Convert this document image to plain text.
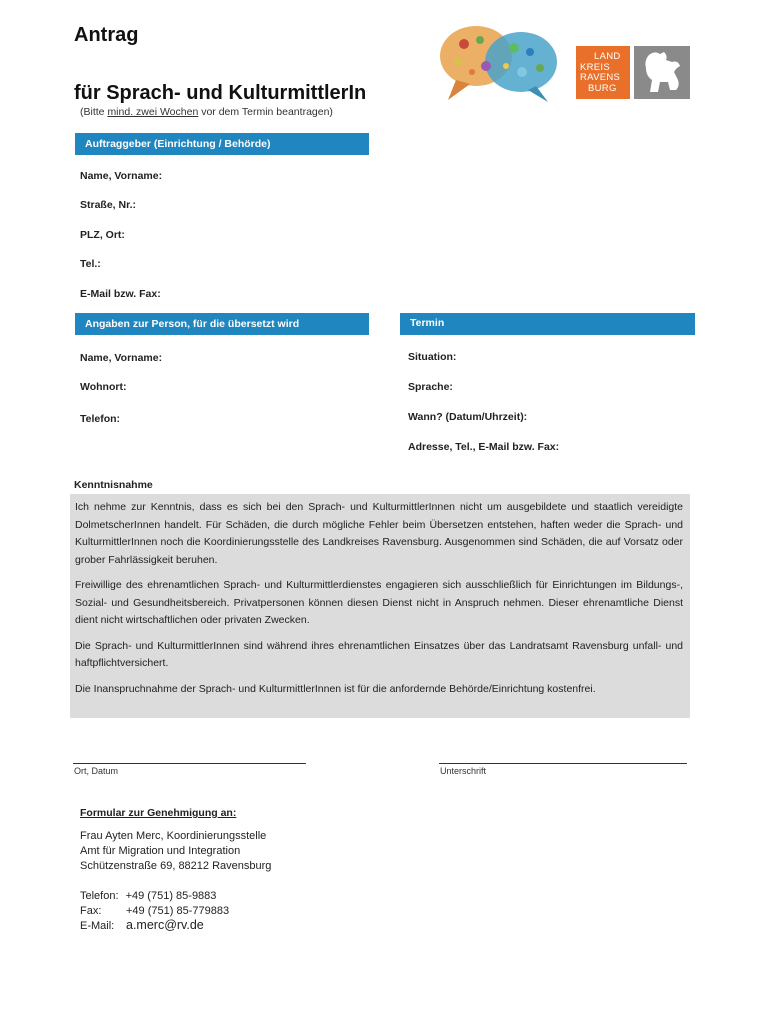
Antrag
für Sprach- und KulturmittlerIn
(Bitte mind. zwei Wochen vor dem Termin beantragen)
LAND
KREIS
RAVENS
BURG
Auftraggeber (Einrichtung / Behörde)
Name, Vorname:
Straße, Nr.:
PLZ, Ort:
Tel.:
E-Mail bzw. Fax:
Angaben zur Person, für die übersetzt wird
Name, Vorname:
Wohnort:
Telefon:
Termin
Situation:
Sprache:
Wann? (Datum/Uhrzeit):
Adresse, Tel., E-Mail bzw. Fax:
Kenntnisnahme

Ich nehme zur Kenntnis, dass es sich bei den Sprach- und KulturmittlerInnen nicht um ausgebildete und staatlich vereidigte DolmetscherInnen handelt. Für Schäden, die durch mögliche Fehler beim Übersetzen entstehen, haften weder die Sprach- und KulturmittlerInnen noch die Koordinierungsstelle des Landkreises Ravensburg. Ausgenommen sind Schäden, die auf Vorsatz oder grober Fahrlässigkeit beruhen.

Freiwillige des ehrenamtlichen Sprach- und Kulturmittlerdienstes engagieren sich ausschließlich für Einrichtungen im Bildungs-, Sozial- und Gesundheitsbereich. Privatpersonen können diesen Dienst nicht in Anspruch nehmen. Dieser ehrenamtliche Dienst dient nicht wirtschaftlichen oder privaten Zwecken.

Die Sprach- und KulturmittlerInnen sind während ihres ehrenamtlichen Einsatzes über das Landratsamt Ravensburg unfall- und haftpflichtversichert.

Die Inanspruchnahme der Sprach- und KulturmittlerInnen ist für die anfordernde Behörde/Einrichtung kostenfrei.

Ort, Datum	Unterschrift
Formular zur Genehmigung an:
Frau Ayten Merc, Koordinierungsstelle
Amt für Migration und Integration
Schützenstraße 69, 88212 Ravensburg
Telefon: +49 (751) 85-9883
Fax: +49 (751) 85-779883
E-Mail: a.merc@rv.de
